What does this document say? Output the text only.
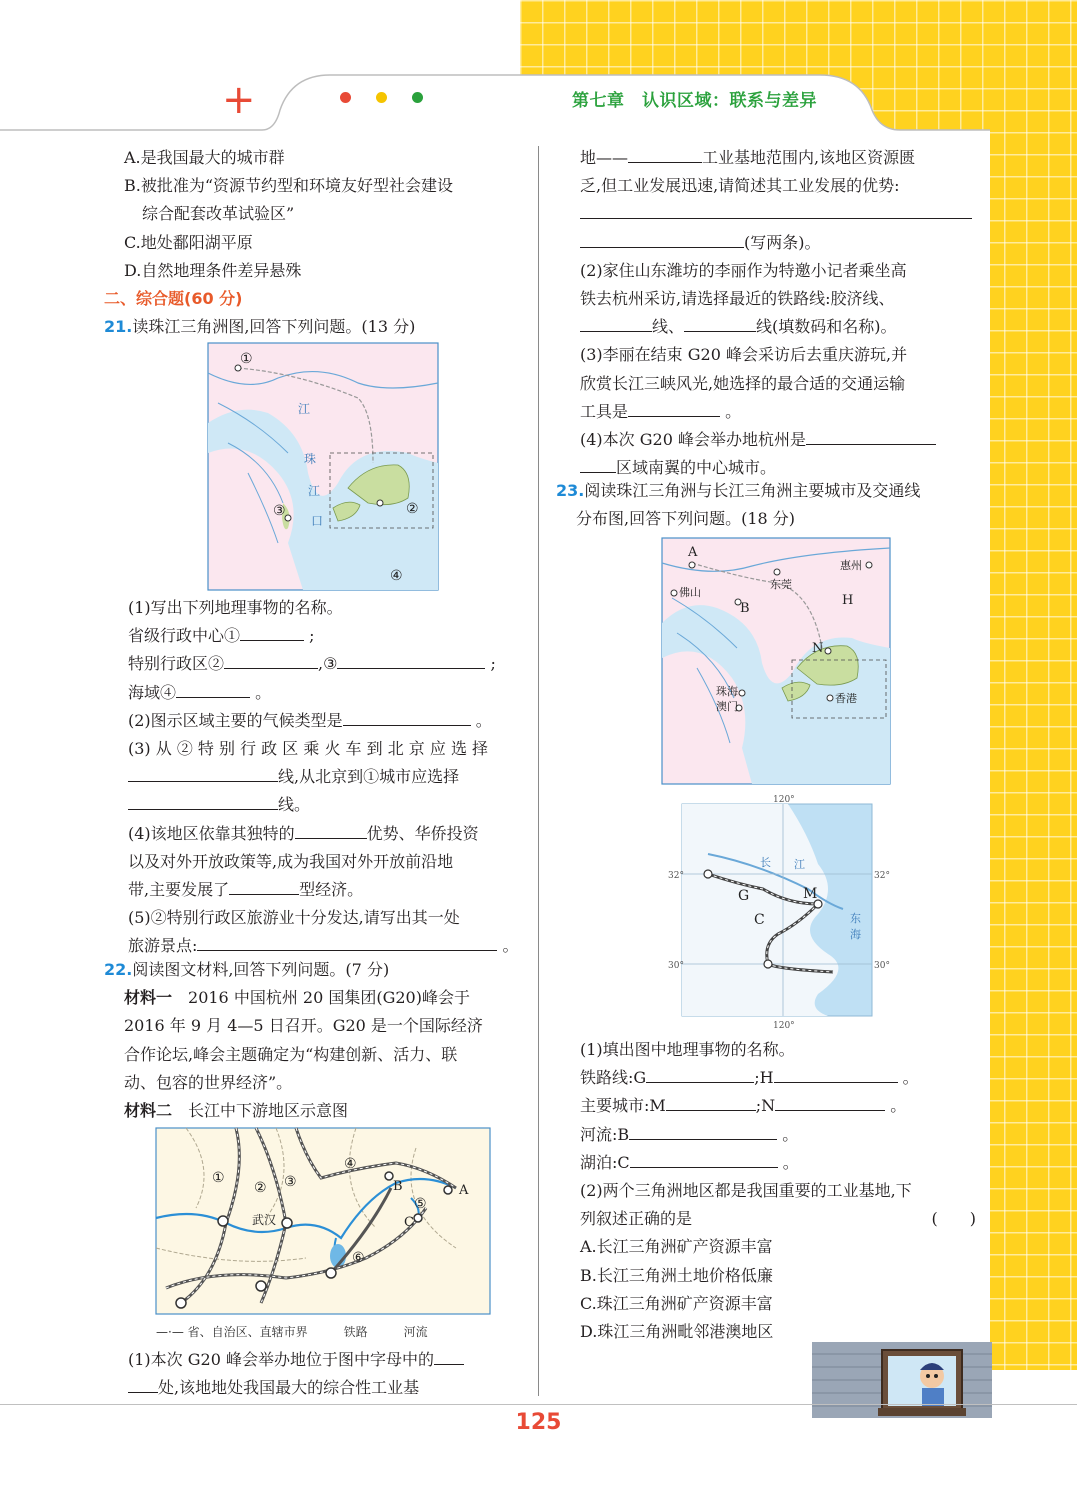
+	第七章　认识区域：联系与差异

A.是我国最大的城市群

B.被批准为“资源节约型和环境友好型社会建设

综合配套改革试验区”

C.地处鄱阳湖平原

D.自然地理条件差异悬殊

二、综合题(60 分)

21.读珠江三角洲图,回答下列问题。(13 分)

①
②
③
④
江
珠
江
口

(1)写出下列地理事物的名称。

省级行政中心①	;

特别行政区②	,③	;

海域④	。

(2)图示区域主要的气候类型是	。

(3) 从 ② 特 别 行 政 区 乘 火 车 到 北 京 应 选 择

线,从北京到①城市应选择

线。

(4)该地区依靠其独特的	优势、华侨投资

以及对外开放政策等,成为我国对外开放前沿地

带,主要发展了	型经济。

(5)②特别行政区旅游业十分发达,请写出其一处

旅游景点:	。

22.阅读图文材料,回答下列问题。(7 分)

材料一　2016 中国杭州 20 国集团(G20)峰会于

2016 年 9 月 4—5 日召开。G20 是一个国际经济

合作论坛,峰会主题确定为“构建创新、活力、联

动、包容的世界经济”。

材料二　长江中下游地区示意图

①
② ③
④
⑤
⑥
武汉
A
B
C
—·— 省、自治区、直辖市界　　　铁路　　　河流

(1)本次 G20 峰会举办地位于图中字母中的

处,该地地处我国最大的综合性工业基

地——	工业基地范围内,该地区资源匮

乏,但工业发展迅速,请简述其工业发展的优势:

(写两条)。

(2)家住山东潍坊的李丽作为特邀小记者乘坐高

铁去杭州采访,请选择最近的铁路线:胶济线、

线、	线(填数码和名称)。

(3)李丽在结束 G20 峰会采访后去重庆游玩,并

欣赏长江三峡风光,她选择的最合适的交通运输

工具是	。

(4)本次 G20 峰会举办地杭州是

区域南翼的中心城市。

23.阅读珠江三角洲与长江三角洲主要城市及交通线

分布图,回答下列问题。(18 分)

A
佛山
东莞
惠州
H
B
N
珠海
澳门
香港
120°
120°
32°	32°
30°	30°
G	M
C
长 江
东
海

(1)填出图中地理事物的名称。

铁路线:G	;H	。

主要城市:M	;N	。

河流:B	。

湖泊:C	。

(2)两个三角洲地区都是我国重要的工业基地,下

列叙述正确的是	(　　)

A.长江三角洲矿产资源丰富

B.长江三角洲土地价格低廉

C.珠江三角洲矿产资源丰富

D.珠江三角洲毗邻港澳地区

125
